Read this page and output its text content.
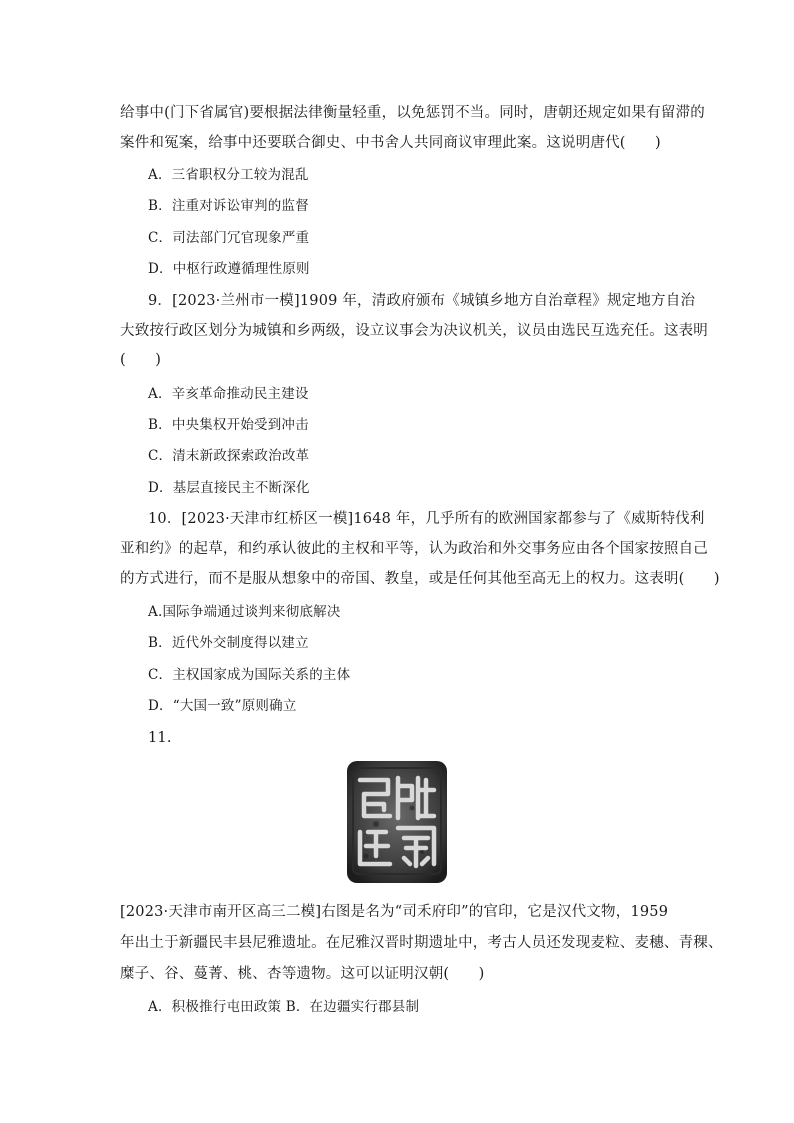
给事中(门下省属官)要根据法律衡量轻重，以免惩罚不当。同时，唐朝还规定如果有留滞的
案件和冤案，给事中还要联合御史、中书舍人共同商议审理此案。这说明唐代(　　)
A．三省职权分工较为混乱
B．注重对诉讼审判的监督
C．司法部门冗官现象严重
D．中枢行政遵循理性原则
9．[2023·兰州市一模]1909 年，清政府颁布《城镇乡地方自治章程》规定地方自治
大致按行政区划分为城镇和乡两级，设立议事会为决议机关，议员由选民互选充任。这表明
(　　)
A．辛亥革命推动民主建设
B．中央集权开始受到冲击
C．清末新政探索政治改革
D．基层直接民主不断深化
10．[2023·天津市红桥区一模]1648 年，几乎所有的欧洲国家都参与了《威斯特伐利
亚和约》的起草，和约承认彼此的主权和平等，认为政治和外交事务应由各个国家按照自己
的方式进行，而不是服从想象中的帝国、教皇，或是任何其他至高无上的权力。这表明(　　)
A.国际争端通过谈判来彻底解决
B．近代外交制度得以建立
C．主权国家成为国际关系的主体
D．“大国一致”原则确立
11.
[2023·天津市南开区高三二模]右图是名为“司禾府印”的官印，它是汉代文物，1959
年出土于新疆民丰县尼雅遗址。在尼雅汉晋时期遗址中，考古人员还发现麦粒、麦穗、青稞、
糜子、谷、蔓菁、桃、杏等遗物。这可以证明汉朝(　　)
A．积极推行屯田政策 B．在边疆实行郡县制
